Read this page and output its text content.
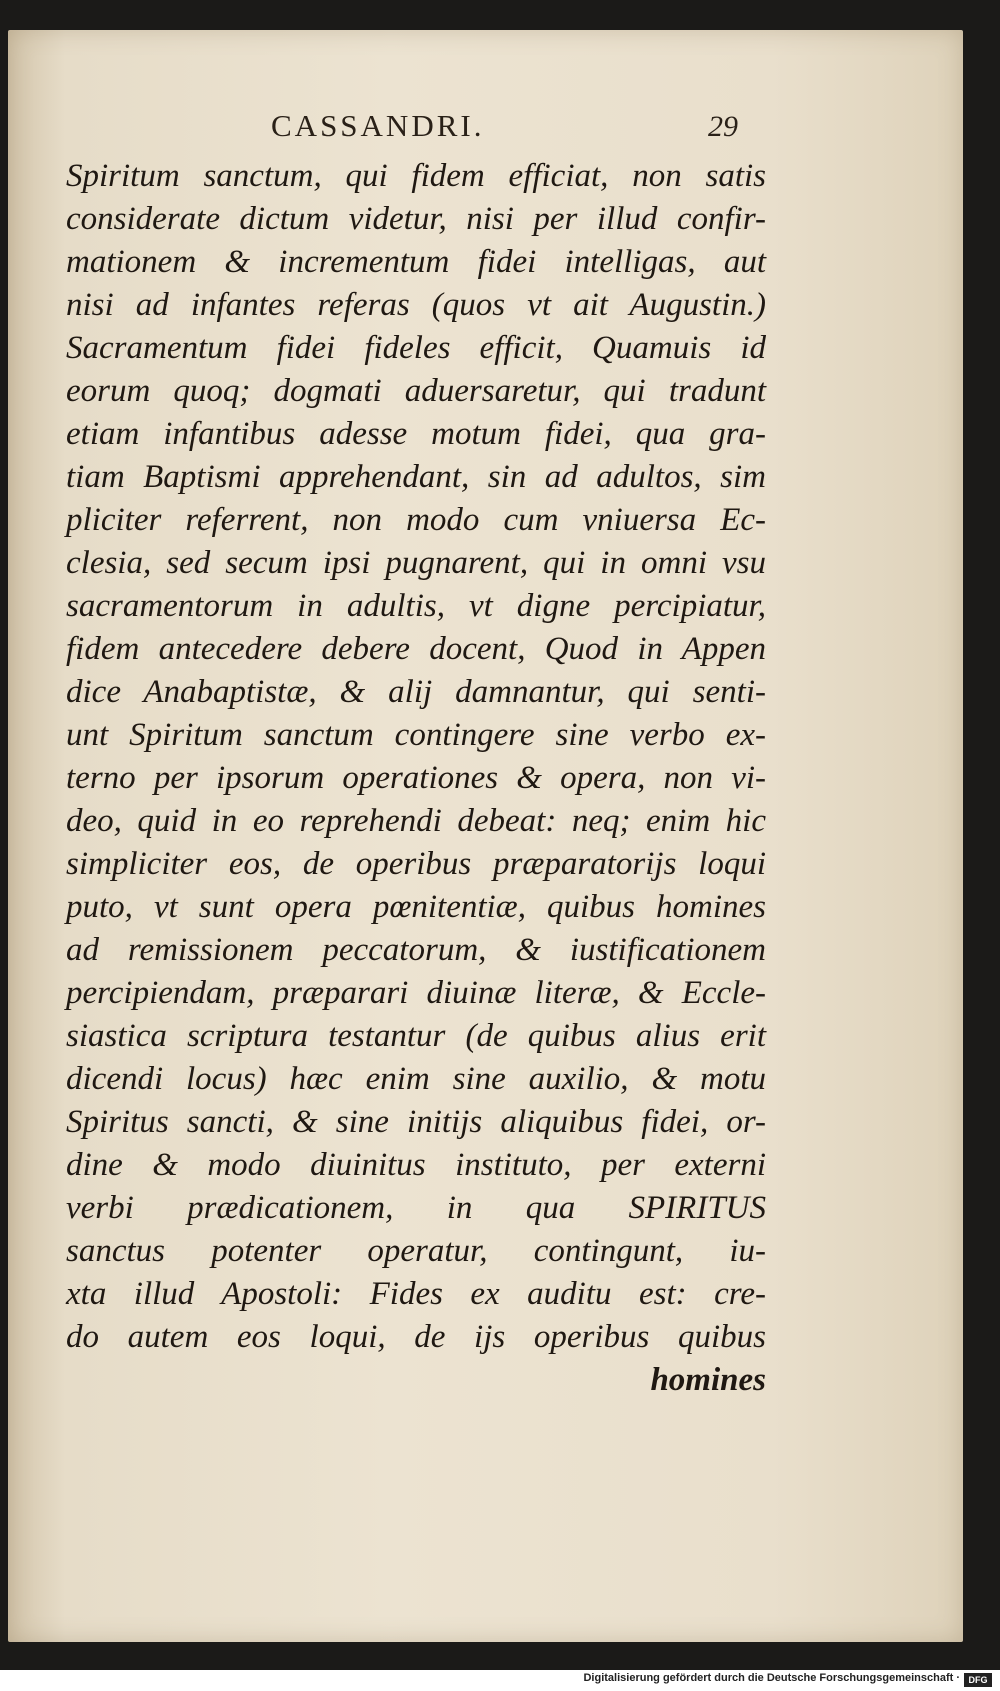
CASSANDRI.	29
Spiritum sanctum, qui fidem efficiat, non satis
considerate dictum videtur, nisi per illud confir-
mationem & incrementum fidei intelligas, aut
nisi ad infantes referas (quos vt ait Augustin.)
Sacramentum fidei fideles efficit, Quamuis id
eorum quoq; dogmati aduersaretur, qui tradunt
etiam infantibus adesse motum fidei, qua gra-
tiam Baptismi apprehendant, sin ad adultos, sim
pliciter referrent, non modo cum vniuersa Ec-
clesia, sed secum ipsi pugnarent, qui in omni vsu
sacramentorum in adultis, vt digne percipiatur,
fidem antecedere debere docent, Quod in Appen
dice Anabaptistæ, & alij damnantur, qui senti-
unt Spiritum sanctum contingere sine verbo ex-
terno per ipsorum operationes & opera, non vi-
deo, quid in eo reprehendi debeat: neq; enim hic
simpliciter eos, de operibus præparatorijs loqui
puto, vt sunt opera pœnitentiæ, quibus homines
ad remissionem peccatorum, & iustificationem
percipiendam, præparari diuinæ literæ, & Eccle-
siastica scriptura testantur (de quibus alius erit
dicendi locus) hæc enim sine auxilio, & motu
Spiritus sancti, & sine initijs aliquibus fidei, or-
dine & modo diuinitus instituto, per externi
verbi prædicationem, in qua SPIRITUS
sanctus potenter operatur, contingunt, iu-
xta illud Apostoli: Fides ex auditu est: cre-
do autem eos loqui, de ijs operibus quibus
homines
Digitalisierung gefördert durch die Deutsche Forschungsgemeinschaft · DFG
